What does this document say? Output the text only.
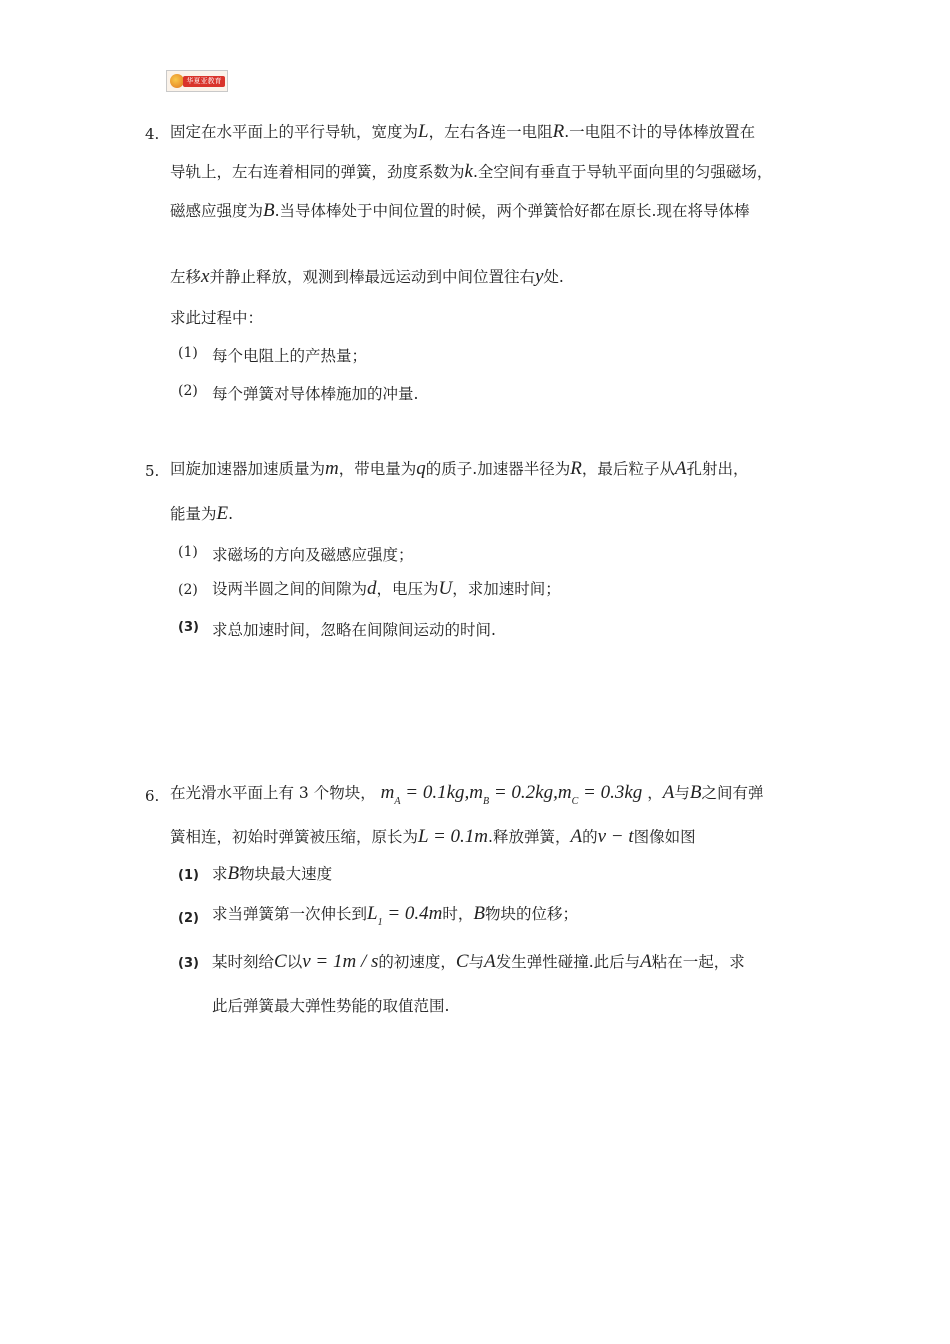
华夏亚教育
4. 固定在水平面上的平行导轨，宽度为L，左右各连一电阻R.一电阻不计的导体棒放置在
导轨上，左右连着相同的弹簧，劲度系数为k.全空间有垂直于导轨平面向里的匀强磁场，
磁感应强度为B.当导体棒处于中间位置的时候，两个弹簧恰好都在原长.现在将导体棒
左移x并静止释放，观测到棒最远运动到中间位置往右y处.
求此过程中：
(1) 每个电阻上的产热量；
(2) 每个弹簧对导体棒施加的冲量.
5. 回旋加速器加速质量为m，带电量为q的质子.加速器半径为R，最后粒子从A孔射出，
能量为E.
(1) 求磁场的方向及磁感应强度；
(2) 设两半圆之间的间隙为d，电压为U，求加速时间；
(3) 求总加速时间，忽略在间隙间运动的时间.
6. 在光滑水平面上有 3 个物块， $m_A = 0.1kg,m_B = 0.2kg,m_C = 0.3kg$ ，A与B之间有弹
簧相连，初始时弹簧被压缩，原长为L = 0.1m.释放弹簧，A的v − t图像如图
(1) 求B物块最大速度
(2) 求当弹簧第一次伸长到$L_1 = 0.4m$时，B物块的位移；
(3) 某时刻给C以v = 1m / s的初速度，C与A发生弹性碰撞.此后与A粘在一起，求
此后弹簧最大弹性势能的取值范围.
